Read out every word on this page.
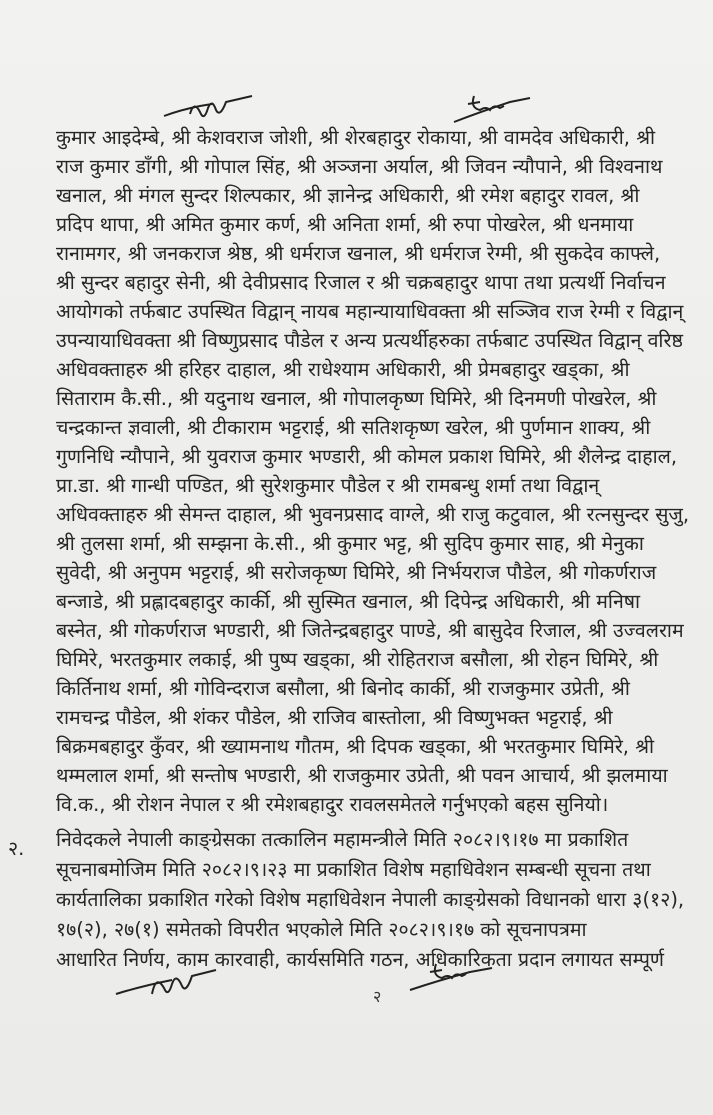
कुमार आइदेम्बे, श्री केशवराज जोशी, श्री शेरबहादुर रोकाया, श्री वामदेव अधिकारी, श्री
राज कुमार डाँगी, श्री गोपाल सिंह, श्री अञ्जना अर्याल, श्री जिवन न्यौपाने, श्री विश्वनाथ
खनाल, श्री मंगल सुन्दर शिल्पकार, श्री ज्ञानेन्द्र अधिकारी, श्री रमेश बहादुर रावल, श्री
प्रदिप थापा, श्री अमित कुमार कर्ण, श्री अनिता शर्मा, श्री रुपा पोखरेल, श्री धनमाया
रानामगर, श्री जनकराज श्रेष्ठ, श्री धर्मराज खनाल, श्री धर्मराज रेग्मी, श्री सुकदेव काफ्ले,
श्री सुन्दर बहादुर सेनी, श्री देवीप्रसाद रिजाल र श्री चक्रबहादुर थापा तथा प्रत्यर्थी निर्वाचन
आयोगको तर्फबाट उपस्थित विद्वान् नायब महान्यायाधिवक्ता श्री सञ्जिव राज रेग्मी र विद्वान्
उपन्यायाधिवक्ता श्री विष्णुप्रसाद पौडेल र अन्य प्रत्यर्थीहरुका तर्फबाट उपस्थित विद्वान् वरिष्ठ
अधिवक्ताहरु श्री हरिहर दाहाल, श्री राधेश्याम अधिकारी, श्री प्रेमबहादुर खड्का, श्री
सिताराम कै.सी., श्री यदुनाथ खनाल, श्री गोपालकृष्ण घिमिरे, श्री दिनमणी पोखरेल, श्री
चन्द्रकान्त ज्ञवाली, श्री टीकाराम भट्टराई, श्री सतिशकृष्ण खरेल, श्री पुर्णमान शाक्य, श्री
गुणनिधि न्यौपाने, श्री युवराज कुमार भण्डारी, श्री कोमल प्रकाश घिमिरे, श्री शैलेन्द्र दाहाल,
प्रा.डा. श्री गान्धी पण्डित, श्री सुरेशकुमार पौडेल र श्री रामबन्धु शर्मा तथा विद्वान्
अधिवक्ताहरु श्री सेमन्त दाहाल, श्री भुवनप्रसाद वाग्ले, श्री राजु कटुवाल, श्री रत्नसुन्दर सुजु,
श्री तुलसा शर्मा, श्री सम्झना के.सी., श्री कुमार भट्ट, श्री सुदिप कुमार साह, श्री मेनुका
सुवेदी, श्री अनुपम भट्टराई, श्री सरोजकृष्ण घिमिरे, श्री निर्भयराज पौडेल, श्री गोकर्णराज
बन्जाडे, श्री प्रह्लादबहादुर कार्की, श्री सुस्मित खनाल, श्री दिपेन्द्र अधिकारी, श्री मनिषा
बस्नेत, श्री गोकर्णराज भण्डारी, श्री जितेन्द्रबहादुर पाण्डे, श्री बासुदेव रिजाल, श्री उज्वलराम
घिमिरे, भरतकुमार लकाई, श्री पुष्प खड्का, श्री रोहितराज बसौला, श्री रोहन घिमिरे, श्री
किर्तिनाथ शर्मा, श्री गोविन्दराज बसौला, श्री बिनोद कार्की, श्री राजकुमार उप्रेती, श्री
रामचन्द्र पौडेल, श्री शंकर पौडेल, श्री राजिव बास्तोला, श्री विष्णुभक्त भट्टराई, श्री
बिक्रमबहादुर कुँवर, श्री ख्यामनाथ गौतम, श्री दिपक खड्का, श्री भरतकुमार घिमिरे, श्री
थम्मलाल शर्मा, श्री सन्तोष भण्डारी, श्री राजकुमार उप्रेती, श्री पवन आचार्य, श्री झलमाया
वि.क., श्री रोशन नेपाल र श्री रमेशबहादुर रावलसमेतले गर्नुभएको बहस सुनियो।
२. निवेदकले नेपाली काङ्ग्रेसका तत्कालिन महामन्त्रीले मिति २०८२।९।१७ मा प्रकाशित
सूचनाबमोजिम मिति २०८२।९।२३ मा प्रकाशित विशेष महाधिवेशन सम्बन्धी सूचना तथा
कार्यतालिका प्रकाशित गरेको विशेष महाधिवेशन नेपाली काङ्ग्रेसको विधानको धारा ३(१२),
१७(२), २७(१) समेतको विपरीत भएकोले मिति २०८२।९।१७ को सूचनापत्रमा
आधारित निर्णय, काम कारवाही, कार्यसमिति गठन, अधिकारिकता प्रदान लगायत सम्पूर्ण
२
